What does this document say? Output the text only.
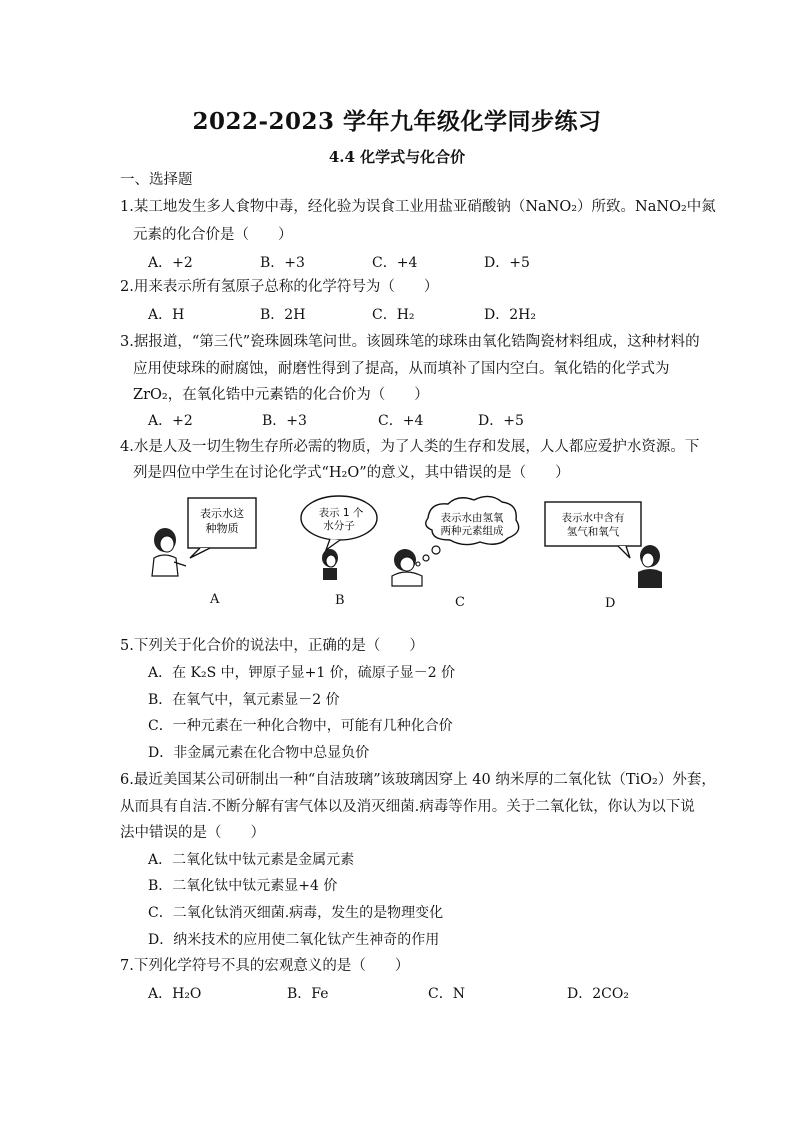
2022-2023 学年九年级化学同步练习
4.4 化学式与化合价
一、选择题
1.某工地发生多人食物中毒，经化验为误食工业用盐亚硝酸钠（NaNO₂）所致。NaNO₂中氮
元素的化合价是（　　）
A．+2	B．+3	C．+4	D．+5
2.用来表示所有氢原子总称的化学符号为（　　）
A．H	B．2H	C．H₂	D．2H₂
3.据报道，“第三代”瓷珠圆珠笔问世。该圆珠笔的球珠由氧化锆陶瓷材料组成，这种材料的
应用使球珠的耐腐蚀，耐磨性得到了提高，从而填补了国内空白。氧化锆的化学式为
ZrO₂，在氧化锆中元素锆的化合价为（　　）
A．+2	B．+3	C．+4	D．+5
4.水是人及一切生物生存所必需的物质，为了人类的生存和发展，人人都应爱护水资源。下
列是四位中学生在讨论化学式“H₂O”的意义，其中错误的是（　　）
表示水这
种物质
表示 1 个
水分子
表示水由氢氧
两种元素组成
表示水中含有
氢气和氧气
A	B	C	D
5.下列关于化合价的说法中，正确的是（　　）
A．在 K₂S 中，钾原子显+1 价，硫原子显－2 价
B．在氧气中，氧元素显－2 价
C．一种元素在一种化合物中，可能有几种化合价
D．非金属元素在化合物中总显负价
6.最近美国某公司研制出一种“自洁玻璃”该玻璃因穿上 40 纳米厚的二氧化钛（TiO₂）外套，
从而具有自洁.不断分解有害气体以及消灭细菌.病毒等作用。关于二氧化钛，你认为以下说
法中错误的是（　　）
A．二氧化钛中钛元素是金属元素
B．二氧化钛中钛元素显+4 价
C．二氧化钛消灭细菌.病毒，发生的是物理变化
D．纳米技术的应用使二氧化钛产生神奇的作用
7.下列化学符号不具的宏观意义的是（　　）
A．H₂O	B．Fe	C．N	D．2CO₂
